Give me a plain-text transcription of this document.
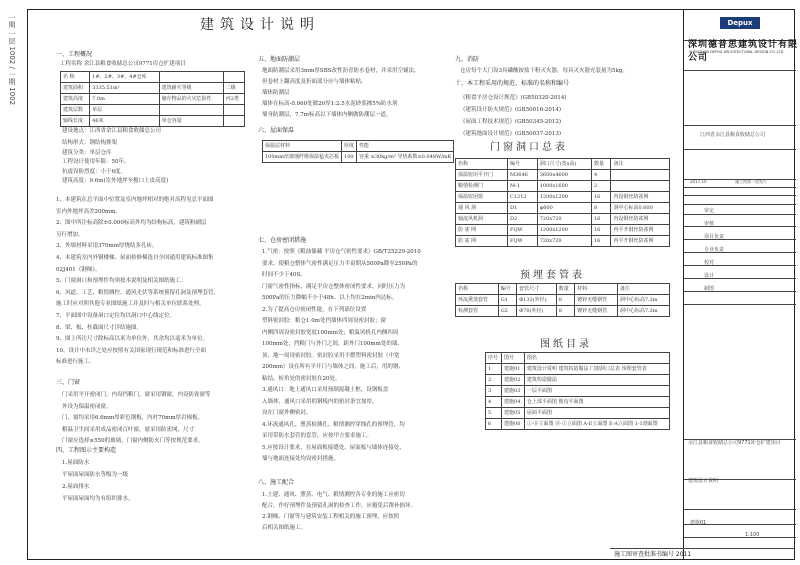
一期 一层 1002 / 一期 1002	建筑设计说明
一、工程概况
工程名称 余江县粮食收储总公司9771库仓扩建项目
名 称	1#、2#、3#、4#仓库		
建筑面积	3335.51m²	建筑耐火等级	二级
建筑高度	7.0m	储存物品的火灾危险性	丙2类
建筑层数	单层		
轴线长度	46米	单仓容量	
建设地点：江西省余江县粮食收储总公司
结构形式：钢结构排架
建筑分类：单层仓库
工程设计使用年限：50年。
抗震设防烈度：小于6度。
建筑高度：9.6m(室外地坪至檐口上皮高度)
1、本建筑在总平面中位置及室内地坪相对的绝对高程见总平面图
室内外地坪高差200mm。
2、图中所注标高除±0.000标高外均为结构标高，建筑粉刷层
另行增加。
3、外墙材料采用370mm厚烧结多孔砖。
4、本建筑室内外钢楼梯、屋面检修梯选自全国通用建筑标准图集
02J401《钢梯》。
5、门窗洞口和预埋件均须按本说明及相关图纸施工。
6、风道、工艺、粮情测控、通风光伏等系统预留孔洞及预埋套管，
施工时应对照其他专业图纸施工并及时与相关单位联系处理。
7、平面图中设备洞口定位均以洞口中心线定位。
8、梁、板、柱截面尺寸详结施图。
9、图上所注尺寸除标高以米为单位外，其余均以毫米为单位。
10、设计中未详之处应按照有关国家现行规范和标准进行全面
标准进行施工。
三、门窗
门采用平开密闭门，内设挡粮门，窗采用钢窗，内设防雀窗等
外设为保温密闭窗。
门、窗均采用6.6mm厚彩色钢板，内衬70mm厚岩棉板。
粮温卫生间采用成品密闭百叶窗，窗采用防雀网、尺寸
门窗应选择≥550的玻璃，门窗内侧防火门等按规范要求。
四、工程图示主要构造
1.屋面防水
平屋面屋面防水等级为一级
2.屋面排水
平屋面屋面均为有组织排水。
五、地面防潮层
地面防潮层采用3mm厚SBS改性沥青防水卷材，并采用空铺法，
但卷材上翻高度及折面部分应与墙体粘贴，
墙体防潮层
墙体在标高-0.060处做20厚1:2.5水泥砂浆掺5%防水剂
墙身防潮层，7.7m标高以下墙体内侧做防潮层一道。
六、屋面保温
保温层材料	厚度	性能
100mm厚玻璃纤维保温毡夹芯板	100	容重 ≥30kg/m³ 导热系数≤0.048W/mK
七、仓房密闭措施
1.气密：按照《粮油储藏 平房仓气密性要求》GB/T25229-2010
要求，使粮仓整体气密性满足压力半衰期从500Pa降至250Pa的
时间不少于40S。
门窗气密性指标，满足平房仓整体密闭性要求，同时压力为
500Pa的压力降幅不小于48h。以上均在2min内达标。
2.为了提高仓房密闭性能，在下列部位设置
塑料密封胶：粮仓1.0m处挡墙体四周设密封胶；窗
内侧四周设密封胶宽度100mm处；粮温风机孔内侧四周
100mm处；挡粮门与外门之间，距外门100mm处的墙、
顶、地一周设密封胶。密封胶采用不燃塑料密封胶（中宽
200mm）设在所有平开门与墙体之间，施工后，用的钢、
粘结，转角处的密封胶在20处。
3.通风口：地上通风口采用预制混凝土框，设钢板盖
入墙体，通风口采用的钢板内的密封条宜加厚，
设在门窗外侧密封。
4.环流通风孔、熏蒸检测孔、粮情测控穿线孔的预埋管，均
采用带防水套管的套管，应按甲方要求施工。
5.应按设计要求，在屋面板接缝处、屋面板与墙体连接处、
墙与地面连接处均设密封措施。
八、施工配合
1.土建、通风、熏蒸、电气、粮情测控各专业的施工应密切
配合，作好预埋件及预留孔洞的检查工作，应避免后凿补损坏。
2.钢梯、门窗等与建筑安装工程相关的施工预埋，应按照
后相关图纸施工。
九、消防
仓房每个大门设3具磷酸铵盐干粉灭火器，每具灭火器充装量为5kg。
十、本工程采用的规范、标准的名称和编号
《粮食平房仓设计规范》(GB50320-2014)
《建筑设计防火规范》(GB50016-2014)
《屋面工程技术规范》(GB50345-2012)
《建筑地面设计规范》(GB50037-2013)
门窗洞口总表
名称	编号	洞口尺寸(宽x高)	数量	备注
保温密闭平开门	M3646	3600x4600	4	
粮情检测门	M-1	1000x1600	2	
保温密闭窗	C1212	1200x1200	16	内设钢丝防雀网
通 风 洞	D1	φ600	8	洞中心标高0.600
轴流风机洞	D2	720x720	16	内设钢丝防雀网
防 雀 网	FQW	1200x1200	16	内平开钢丝防雀网
防 雀 网	FQW	720x720	16	内平开钢丝防雀网
预埋套管表
名称	编号	套管尺寸	数量	材料	备注
环流熏蒸套管	G1	Φ133(外径)	8	镀锌无缝钢管	洞中心标高7.2m
检测套管	G2	Φ70(外径)	8	镀锌无缝钢管	洞中心标高7.2m
图纸目录
序号	图号	图名
1	建施01	建筑设计说明 建筑构造做法 门窗洞口总表 预埋套管表
2	建施02	建筑构造做法
3	建施03	一层平面图
4	建施04	仓上部平面图 檐沟平面图
5	建施05	屋面平面图
6	建施06	①-⑧立面图 ⑧-①立面图 A-E立面图 E-A立面图 1-1剖面图
Depux
深圳德普思建筑设计有限公司
SHENZHEN DEPUX ARCHITECTURAL DESIGN CO.,LTD
江西省余江县粮食收储总公司
2017.10	施工图第一次发行
审定
审核
项目负责
专业负责
校对
设计
制图
余江县粮食收储总公司9771库仓扩建项目
建筑设计说明
建施01
1:100
施工图审查批准书编号 2011
